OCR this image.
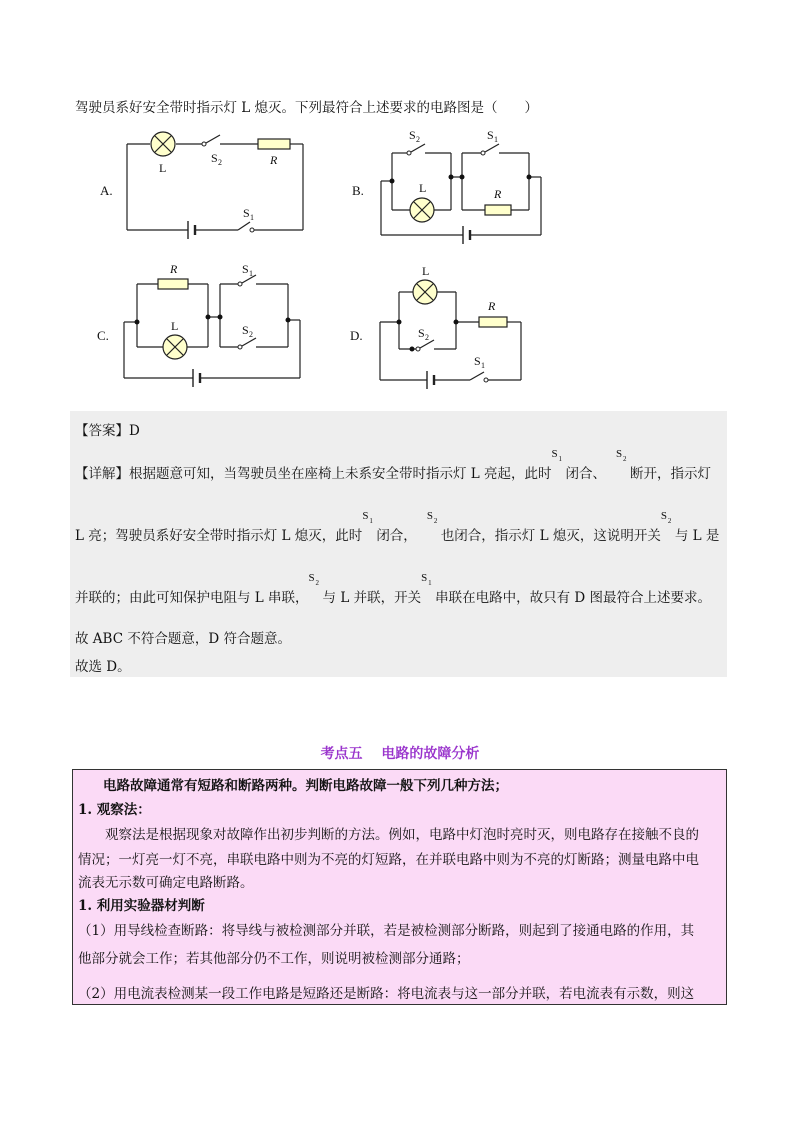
驾驶员系好安全带时指示灯 L 熄灭。下列最符合上述要求的电路图是（　　）
A.	B.
C.	D.
L
S 2	R
S 1
S 2	S 1
L	R
R
L
S 1
S 2
L
S 2
R
S 1
【答案】D
【详解】根据题意可知，当驾驶员坐在座椅上未系安全带时指示灯 L 亮起，此时
S 1
闭合、
S 2
断开，指示灯
L 亮；驾驶员系好安全带时指示灯 L 熄灭，此时
S 1
闭合，
S 2
也闭合，指示灯 L 熄灭，这说明开关
S 2
与 L 是
并联的；由此可知保护电阻与 L 串联，
S 2
与 L 并联，开关
S 1
串联在电路中，故只有 D 图最符合上述要求。
故 ABC 不符合题意，D 符合题意。
故选 D。
考点五　 电路的故障分析
电路故障通常有短路和断路两种。判断电路故障一般下列几种方法；
1. 观察法：
观察法是根据现象对故障作出初步判断的方法。例如，电路中灯泡时亮时灭，则电路存在接触不良的
情况；一灯亮一灯不亮，串联电路中则为不亮的灯短路，在并联电路中则为不亮的灯断路；测量电路中电
流表无示数可确定电路断路。
1. 利用实验器材判断
（1）用导线检查断路：将导线与被检测部分并联，若是被检测部分断路，则起到了接通电路的作用，其
他部分就会工作；若其他部分仍不工作，则说明被检测部分通路；
（2）用电流表检测某一段工作电路是短路还是断路：将电流表与这一部分并联，若电流表有示数，则这
